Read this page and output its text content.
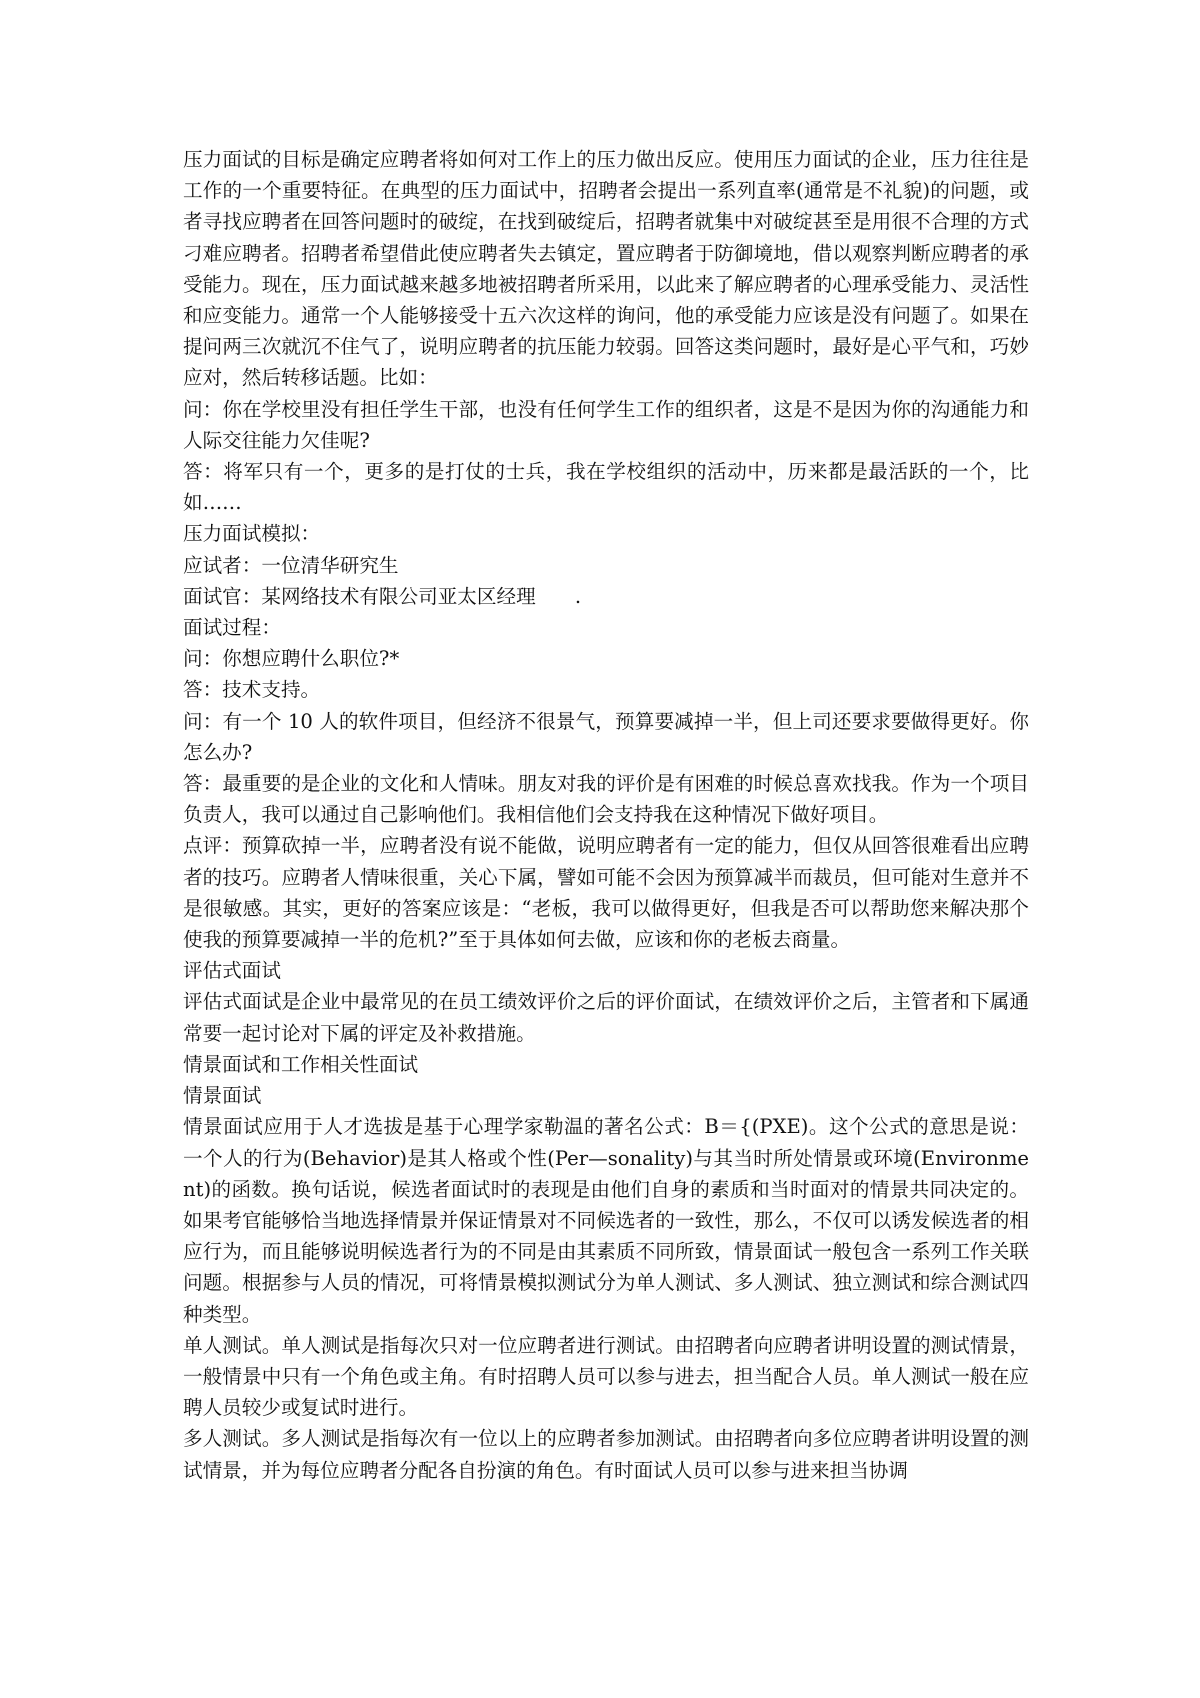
压力面试的目标是确定应聘者将如何对工作上的压力做出反应。使用压力面试的企业，压力往往是工作的一个重要特征。在典型的压力面试中，招聘者会提出一系列直率(通常是不礼貌)的问题，或者寻找应聘者在回答问题时的破绽，在找到破绽后，招聘者就集中对破绽甚至是用很不合理的方式刁难应聘者。招聘者希望借此使应聘者失去镇定，置应聘者于防御境地，借以观察判断应聘者的承受能力。现在，压力面试越来越多地被招聘者所采用，以此来了解应聘者的心理承受能力、灵活性和应变能力。通常一个人能够接受十五六次这样的询问，他的承受能力应该是没有问题了。如果在提问两三次就沉不住气了，说明应聘者的抗压能力较弱。回答这类问题时，最好是心平气和，巧妙应对，然后转移话题。比如：

问：你在学校里没有担任学生干部，也没有任何学生工作的组织者，这是不是因为你的沟通能力和人际交往能力欠佳呢?

答：将军只有一个，更多的是打仗的士兵，我在学校组织的活动中，历来都是最活跃的一个，比如……

压力面试模拟：

应试者：一位清华研究生

面试官：某网络技术有限公司亚太区经理　　.

面试过程：

问：你想应聘什么职位?*

答：技术支持。

问：有一个 10 人的软件项目，但经济不很景气，预算要减掉一半，但上司还要求要做得更好。你怎么办?

答：最重要的是企业的文化和人情味。朋友对我的评价是有困难的时候总喜欢找我。作为一个项目负责人，我可以通过自己影响他们。我相信他们会支持我在这种情况下做好项目。

点评：预算砍掉一半，应聘者没有说不能做，说明应聘者有一定的能力，但仅从回答很难看出应聘者的技巧。应聘者人情味很重，关心下属，譬如可能不会因为预算减半而裁员，但可能对生意并不是很敏感。其实，更好的答案应该是：“老板，我可以做得更好，但我是否可以帮助您来解决那个使我的预算要减掉一半的危机?”至于具体如何去做，应该和你的老板去商量。

评估式面试

评估式面试是企业中最常见的在员工绩效评价之后的评价面试，在绩效评价之后，主管者和下属通常要一起讨论对下属的评定及补救措施。

情景面试和工作相关性面试

情景面试

情景面试应用于人才选拔是基于心理学家勒温的著名公式：B＝{(PXE)。这个公式的意思是说：一个人的行为(Behavior)是其人格或个性(Per—sonality)与其当时所处情景或环境(Environment)的函数。换句话说，候选者面试时的表现是由他们自身的素质和当时面对的情景共同决定的。如果考官能够恰当地选择情景并保证情景对不同候选者的一致性，那么，不仅可以诱发候选者的相应行为，而且能够说明候选者行为的不同是由其素质不同所致，情景面试一般包含一系列工作关联问题。根据参与人员的情况，可将情景模拟测试分为单人测试、多人测试、独立测试和综合测试四种类型。

单人测试。单人测试是指每次只对一位应聘者进行测试。由招聘者向应聘者讲明设置的测试情景，一般情景中只有一个角色或主角。有时招聘人员可以参与进去，担当配合人员。单人测试一般在应聘人员较少或复试时进行。

多人测试。多人测试是指每次有一位以上的应聘者参加测试。由招聘者向多位应聘者讲明设置的测试情景，并为每位应聘者分配各自扮演的角色。有时面试人员可以参与进来担当协调
